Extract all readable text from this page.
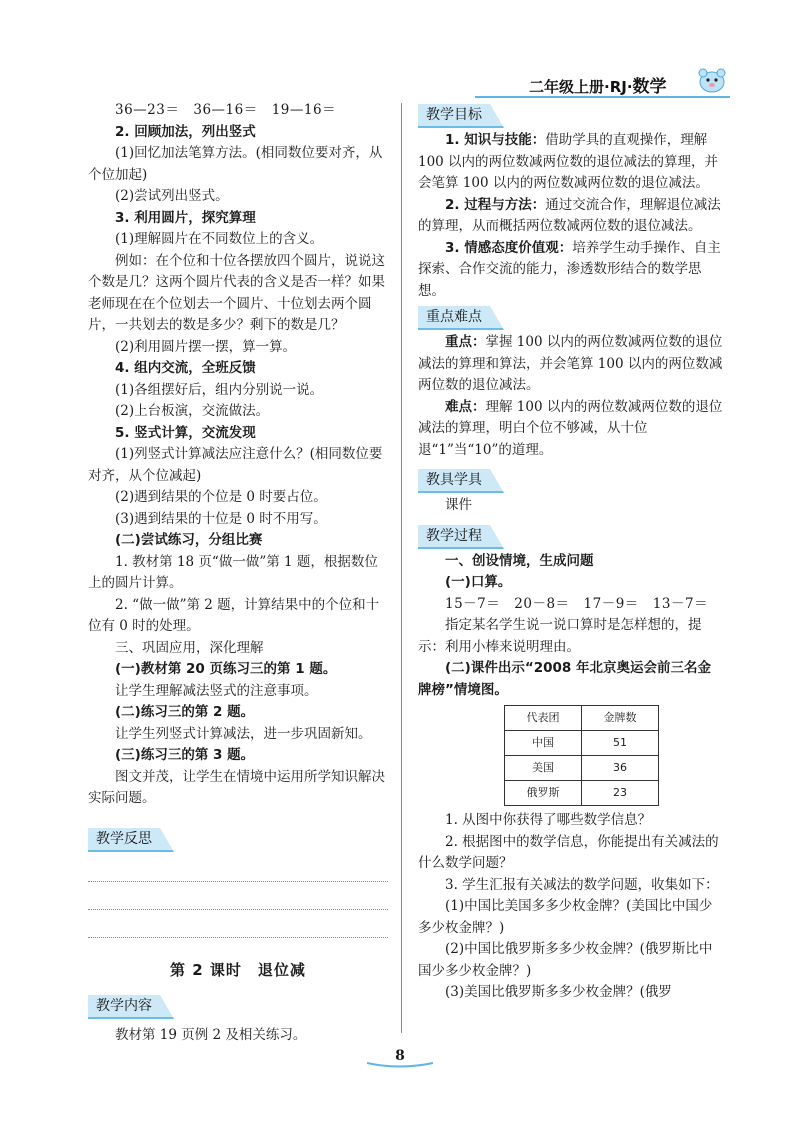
二年级上册·RJ·数学

36—23＝　36—16＝　19—16＝

2. 回顾加法，列出竖式

(1)回忆加法笔算方法。(相同数位要对齐，从个位加起)

(2)尝试列出竖式。

3. 利用圆片，探究算理

(1)理解圆片在不同数位上的含义。

例如：在个位和十位各摆放四个圆片，说说这个数是几？这两个圆片代表的含义是否一样？如果老师现在在个位划去一个圆片、十位划去两个圆片，一共划去的数是多少？剩下的数是几？

(2)利用圆片摆一摆，算一算。

4. 组内交流，全班反馈

(1)各组摆好后，组内分别说一说。

(2)上台板演，交流做法。

5. 竖式计算，交流发现

(1)列竖式计算减法应注意什么？(相同数位要对齐，从个位减起)

(2)遇到结果的个位是 0 时要占位。

(3)遇到结果的十位是 0 时不用写。

(二)尝试练习，分组比赛

1. 教材第 18 页“做一做”第 1 题，根据数位上的圆片计算。

2. “做一做”第 2 题，计算结果中的个位和十位有 0 时的处理。

三、巩固应用，深化理解

(一)教材第 20 页练习三的第 1 题。

让学生理解减法竖式的注意事项。

(二)练习三的第 2 题。

让学生列竖式计算减法，进一步巩固新知。

(三)练习三的第 3 题。

图文并茂，让学生在情境中运用所学知识解决实际问题。

教学反思
第 2 课时　退位减
教学内容

教材第 19 页例 2 及相关练习。

教学目标

1. 知识与技能：借助学具的直观操作，理解 100 以内的两位数减两位数的退位减法的算理，并会笔算 100 以内的两位数减两位数的退位减法。

2. 过程与方法：通过交流合作，理解退位减法的算理，从而概括两位数减两位数的退位减法。

3. 情感态度价值观：培养学生动手操作、自主探索、合作交流的能力，渗透数形结合的数学思想。

重点难点

重点：掌握 100 以内的两位数减两位数的退位减法的算理和算法，并会笔算 100 以内的两位数减两位数的退位减法。

难点：理解 100 以内的两位数减两位数的退位减法的算理，明白个位不够减，从十位退“1”当“10”的道理。

教具学具

课件

教学过程

一、创设情境，生成问题

(一)口算。

15－7＝　20－8＝　17－9＝　13－7＝

指定某名学生说一说口算时是怎样想的，提示：利用小棒来说明理由。

(二)课件出示“2008 年北京奥运会前三名金牌榜”情境图。

代表团	金牌数
中国	51
美国	36
俄罗斯	23

1. 从图中你获得了哪些数学信息？

2. 根据图中的数学信息，你能提出有关减法的什么数学问题？

3. 学生汇报有关减法的数学问题，收集如下：

(1)中国比美国多多少枚金牌？(美国比中国少多少枚金牌？)

(2)中国比俄罗斯多多少枚金牌？(俄罗斯比中国少多少枚金牌？)

(3)美国比俄罗斯多多少枚金牌？(俄罗

8
